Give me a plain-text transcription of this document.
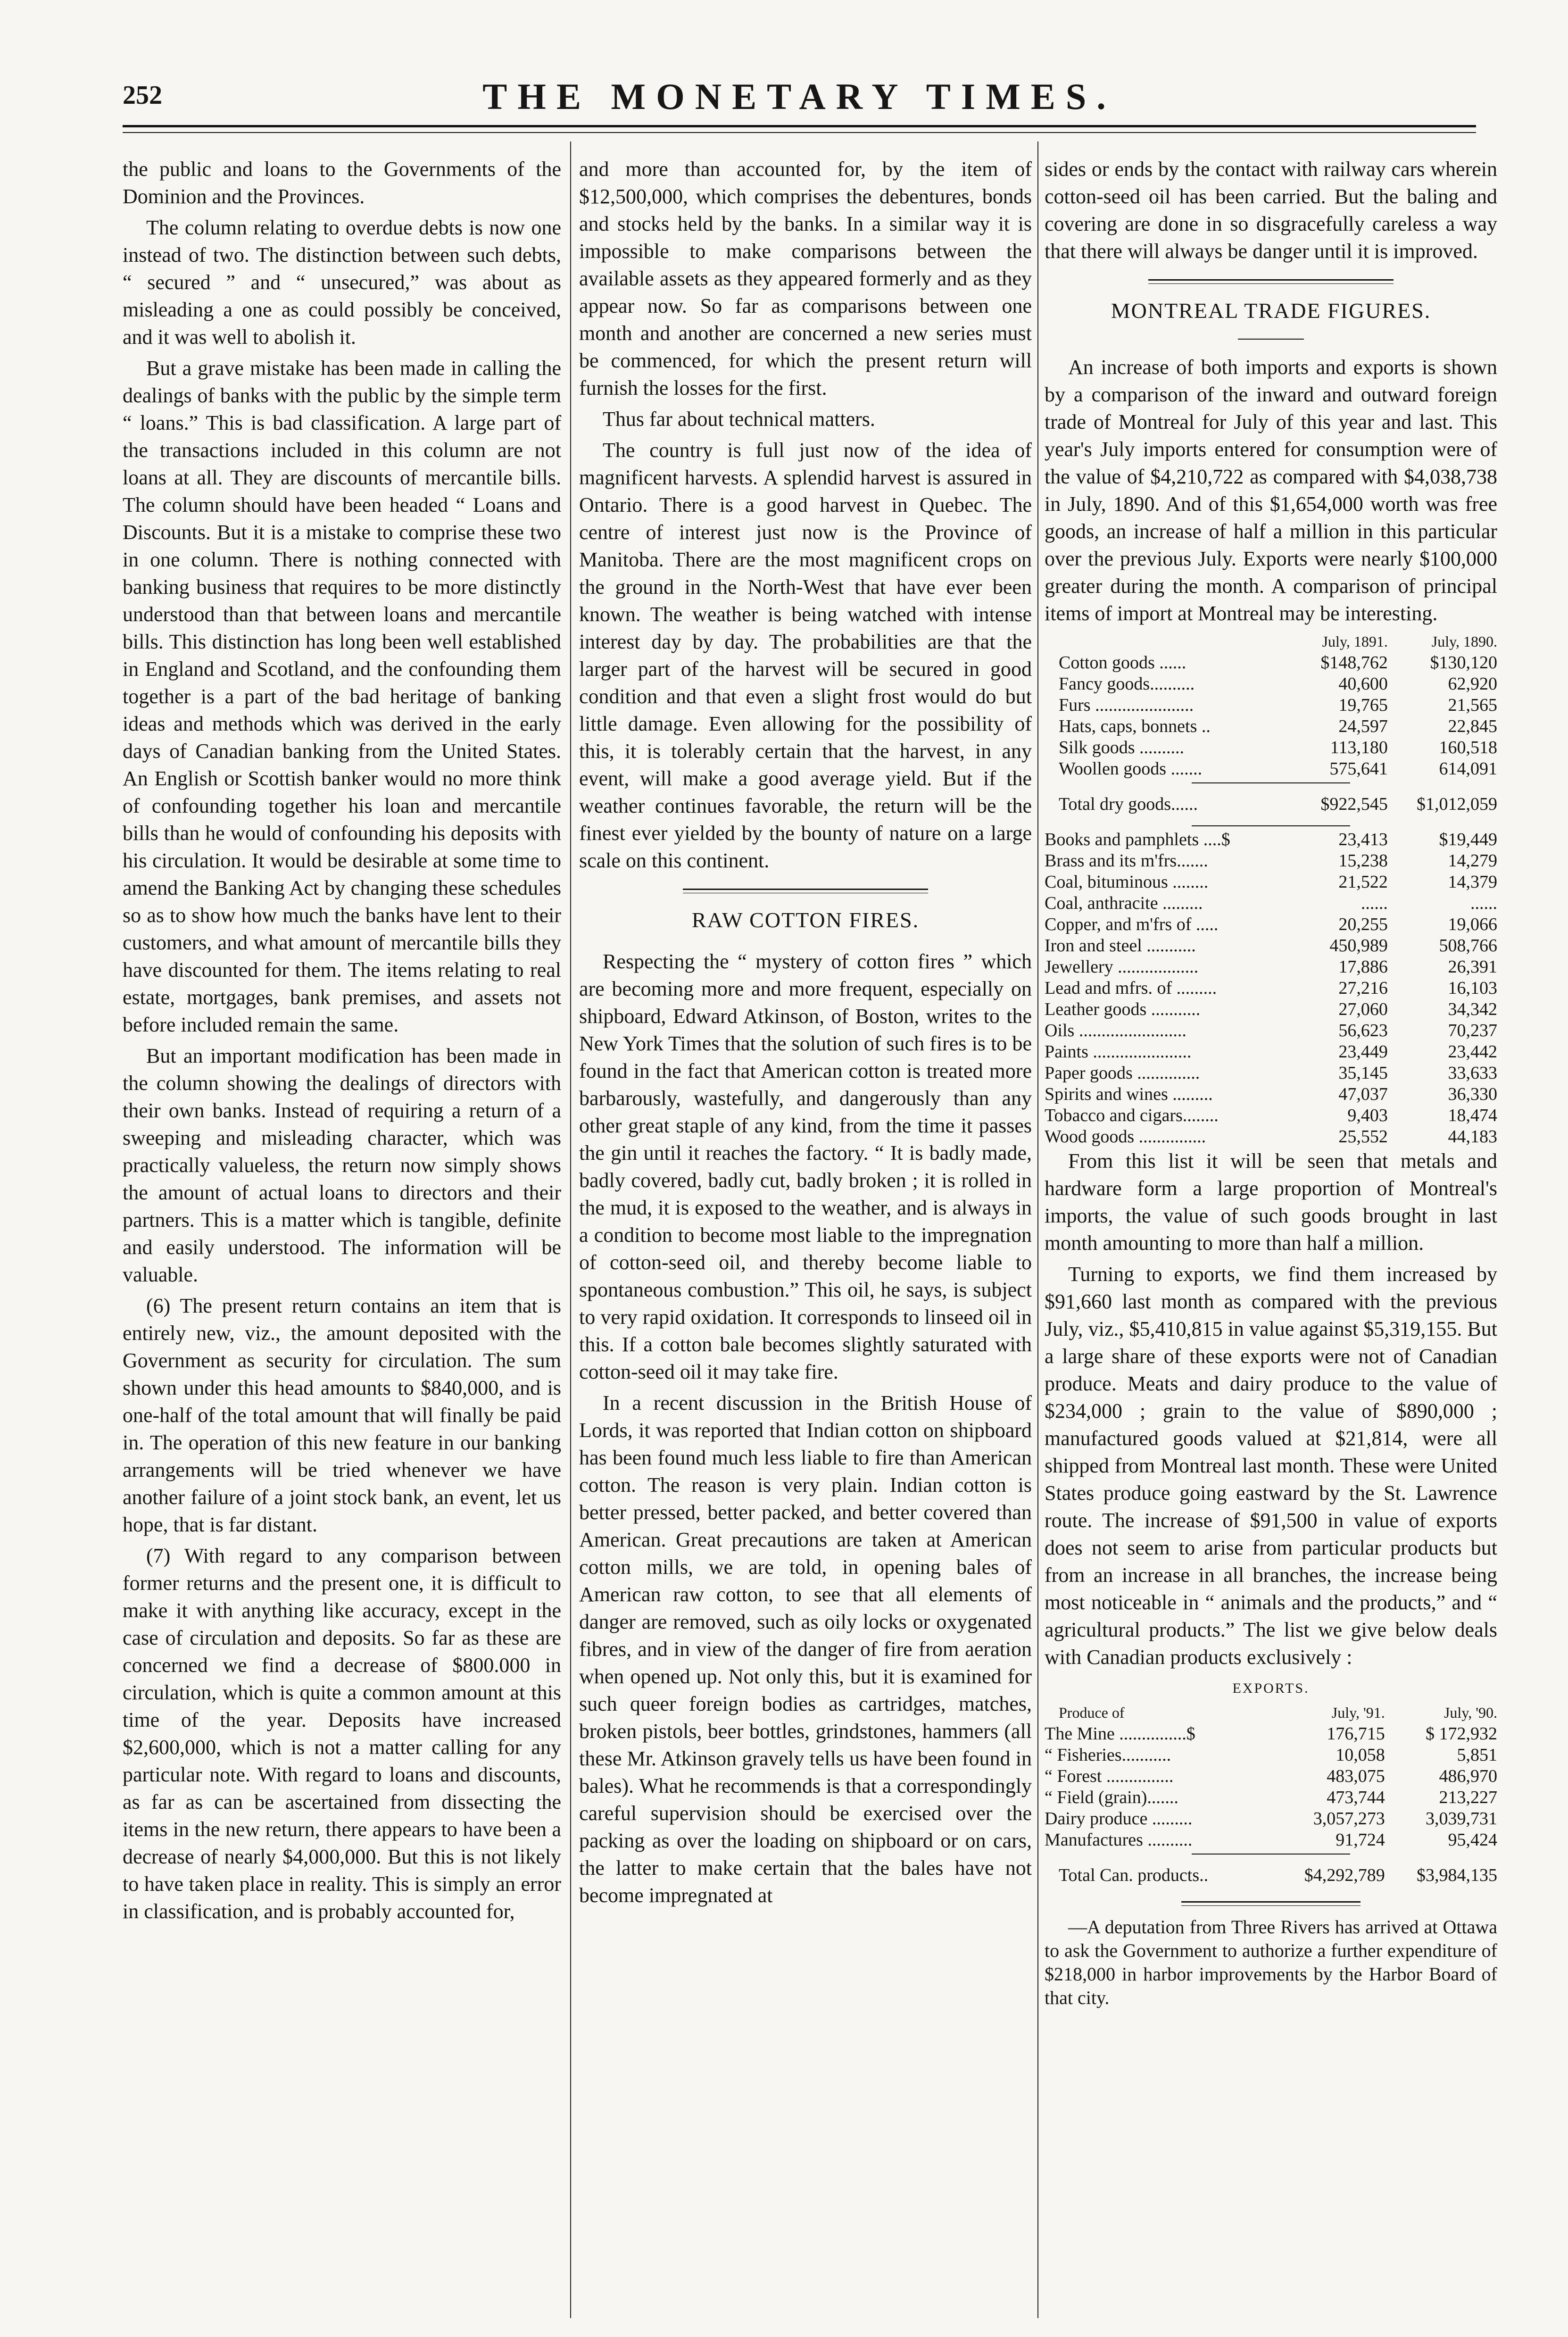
252	THE MONETARY TIMES.

the public and loans to the Governments of the Dominion and the Provinces.

The column relating to overdue debts is now one instead of two. The distinction between such debts, “ secured ” and “ unsecured,” was about as misleading a one as could possibly be conceived, and it was well to abolish it.

But a grave mistake has been made in calling the dealings of banks with the public by the simple term “ loans.” This is bad classification. A large part of the transactions included in this column are not loans at all. They are discounts of mercantile bills. The column should have been headed “ Loans and Discounts. But it is a mistake to comprise these two in one column. There is nothing connected with banking business that requires to be more distinctly understood than that between loans and mercantile bills. This distinction has long been well established in England and Scotland, and the confounding them together is a part of the bad heritage of banking ideas and methods which was derived in the early days of Canadian banking from the United States. An English or Scottish banker would no more think of confounding together his loan and mercantile bills than he would of confounding his deposits with his circulation. It would be desirable at some time to amend the Banking Act by changing these schedules so as to show how much the banks have lent to their customers, and what amount of mercantile bills they have discounted for them. The items relating to real estate, mortgages, bank premises, and assets not before included remain the same.

But an important modification has been made in the column showing the dealings of directors with their own banks. Instead of requiring a return of a sweeping and misleading character, which was practically valueless, the return now simply shows the amount of actual loans to directors and their partners. This is a matter which is tangible, definite and easily understood. The information will be valuable.

(6) The present return contains an item that is entirely new, viz., the amount deposited with the Government as security for circulation. The sum shown under this head amounts to $840,000, and is one-half of the total amount that will finally be paid in. The operation of this new feature in our banking arrangements will be tried whenever we have another failure of a joint stock bank, an event, let us hope, that is far distant.

(7) With regard to any comparison between former returns and the present one, it is difficult to make it with anything like accuracy, except in the case of circulation and deposits. So far as these are concerned we find a decrease of $800.000 in circulation, which is quite a common amount at this time of the year. Deposits have increased $2,600,000, which is not a matter calling for any particular note. With regard to loans and discounts, as far as can be ascertained from dissecting the items in the new return, there appears to have been a decrease of nearly $4,000,000. But this is not likely to have taken place in reality. This is simply an error in classification, and is probably accounted for,

and more than accounted for, by the item of $12,500,000, which comprises the debentures, bonds and stocks held by the banks. In a similar way it is impossible to make comparisons between the available assets as they appeared formerly and as they appear now. So far as comparisons between one month and another are concerned a new series must be commenced, for which the present return will furnish the losses for the first.

Thus far about technical matters.

The country is full just now of the idea of magnificent harvests. A splendid harvest is assured in Ontario. There is a good harvest in Quebec. The centre of interest just now is the Province of Manitoba. There are the most magnificent crops on the ground in the North-West that have ever been known. The weather is being watched with intense interest day by day. The probabilities are that the larger part of the harvest will be secured in good condition and that even a slight frost would do but little damage. Even allowing for the possibility of this, it is tolerably certain that the harvest, in any event, will make a good average yield. But if the weather continues favorable, the return will be the finest ever yielded by the bounty of nature on a large scale on this continent.

RAW COTTON FIRES.

Respecting the “ mystery of cotton fires ” which are becoming more and more frequent, especially on shipboard, Edward Atkinson, of Boston, writes to the New York Times that the solution of such fires is to be found in the fact that American cotton is treated more barbarously, wastefully, and dangerously than any other great staple of any kind, from the time it passes the gin until it reaches the factory. “ It is badly made, badly covered, badly cut, badly broken ; it is rolled in the mud, it is exposed to the weather, and is always in a condition to become most liable to the impregnation of cotton-seed oil, and thereby become liable to spontaneous combustion.” This oil, he says, is subject to very rapid oxidation. It corresponds to linseed oil in this. If a cotton bale becomes slightly saturated with cotton-seed oil it may take fire.

In a recent discussion in the British House of Lords, it was reported that Indian cotton on shipboard has been found much less liable to fire than American cotton. The reason is very plain. Indian cotton is better pressed, better packed, and better covered than American. Great precautions are taken at American cotton mills, we are told, in opening bales of American raw cotton, to see that all elements of danger are removed, such as oily locks or oxygenated fibres, and in view of the danger of fire from aeration when opened up. Not only this, but it is examined for such queer foreign bodies as cartridges, matches, broken pistols, beer bottles, grindstones, hammers (all these Mr. Atkinson gravely tells us have been found in bales). What he recommends is that a correspondingly careful supervision should be exercised over the packing as over the loading on shipboard or on cars, the latter to make certain that the bales have not become impregnated at

sides or ends by the contact with railway cars wherein cotton-seed oil has been carried. But the baling and covering are done in so disgracefully careless a way that there will always be danger until it is improved.

MONTREAL TRADE FIGURES.

An increase of both imports and exports is shown by a comparison of the inward and outward foreign trade of Montreal for July of this year and last. This year's July imports entered for consumption were of the value of $4,210,722 as compared with $4,038,738 in July, 1890. And of this $1,654,000 worth was free goods, an increase of half a million in this particular over the previous July. Exports were nearly $100,000 greater during the month. A comparison of principal items of import at Montreal may be interesting.

	July, 1891.	July, 1890.
Cotton goods ......	$148,762	$130,120
Fancy goods..........	40,600	62,920
Furs ......................	19,765	21,565
Hats, caps, bonnets ..	24,597	22,845
Silk goods ..........	113,180	160,518
Woollen goods .......	575,641	614,091

Total dry goods......	$922,545	$1,012,059

Books and pamphlets ....$	23,413	$19,449
Brass and its m'frs.......	15,238	14,279
Coal, bituminous ........	21,522	14,379
Coal, anthracite .........	......	......
Copper, and m'frs of .....	20,255	19,066
Iron and steel ...........	450,989	508,766
Jewellery ..................	17,886	26,391
Lead and mfrs. of .........	27,216	16,103
Leather goods ...........	27,060	34,342
Oils ........................	56,623	70,237
Paints ......................	23,449	23,442
Paper goods ..............	35,145	33,633
Spirits and wines .........	47,037	36,330
Tobacco and cigars........	9,403	18,474
Wood goods ...............	25,552	44,183

From this list it will be seen that metals and hardware form a large proportion of Montreal's imports, the value of such goods brought in last month amounting to more than half a million.

Turning to exports, we find them increased by $91,660 last month as compared with the previous July, viz., $5,410,815 in value against $5,319,155. But a large share of these exports were not of Canadian produce. Meats and dairy produce to the value of $234,000 ; grain to the value of $890,000 ; manufactured goods valued at $21,814, were all shipped from Montreal last month. These were United States produce going eastward by the St. Lawrence route. The increase of $91,500 in value of exports does not seem to arise from particular products but from an increase in all branches, the increase being most noticeable in “ animals and the products,” and “ agricultural products.” The list we give below deals with Canadian products exclusively :

EXPORTS.
Produce of	July, '91.	July, '90.
The Mine ...............$	176,715	$ 172,932
“ Fisheries...........	10,058	5,851
“ Forest ...............	483,075	486,970
“ Field (grain).......	473,744	213,227
Dairy produce .........	3,057,273	3,039,731
Manufactures ..........	91,724	95,424

Total Can. products..	$4,292,789	$3,984,135

—A deputation from Three Rivers has arrived at Ottawa to ask the Government to authorize a further expenditure of $218,000 in harbor improvements by the Harbor Board of that city.
